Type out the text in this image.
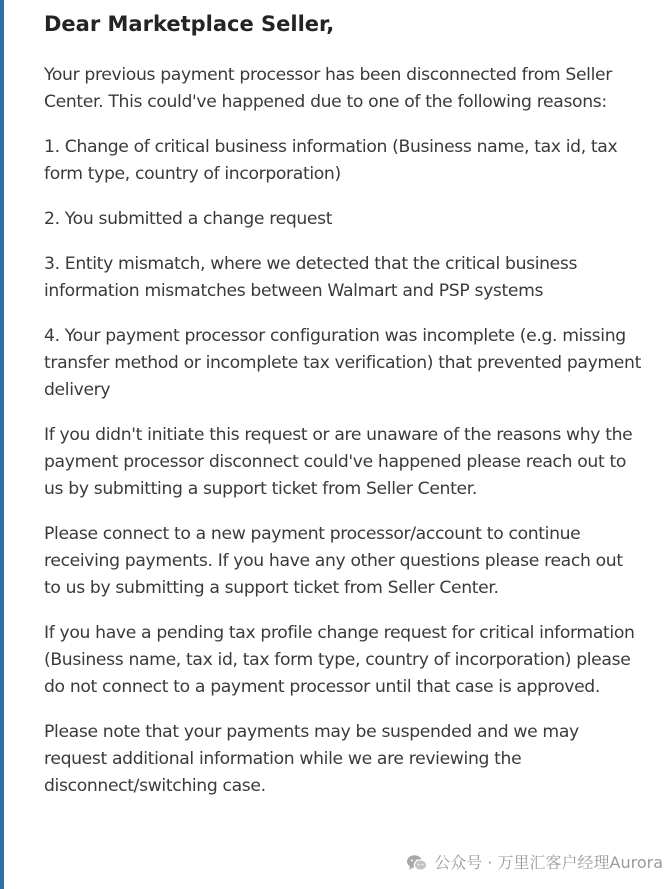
Dear Marketplace Seller,

Your previous payment processor has been disconnected from Seller Center. This could've happened due to one of the following reasons:

1. Change of critical business information (Business name, tax id, tax form type, country of incorporation)

2. You submitted a change request

3. Entity mismatch, where we detected that the critical business information mismatches between Walmart and PSP systems

4. Your payment processor configuration was incomplete (e.g. missing transfer method or incomplete tax verification) that prevented payment delivery

If you didn't initiate this request or are unaware of the reasons why the payment processor disconnect could've happened please reach out to us by submitting a support ticket from Seller Center.

Please connect to a new payment processor/account to continue receiving payments. If you have any other questions please reach out to us by submitting a support ticket from Seller Center.

If you have a pending tax profile change request for critical information (Business name, tax id, tax form type, country of incorporation) please do not connect to a payment processor until that case is approved.

Please note that your payments may be suspended and we may request additional information while we are reviewing the disconnect/switching case.

公众号 · 万里汇客户经理Aurora
